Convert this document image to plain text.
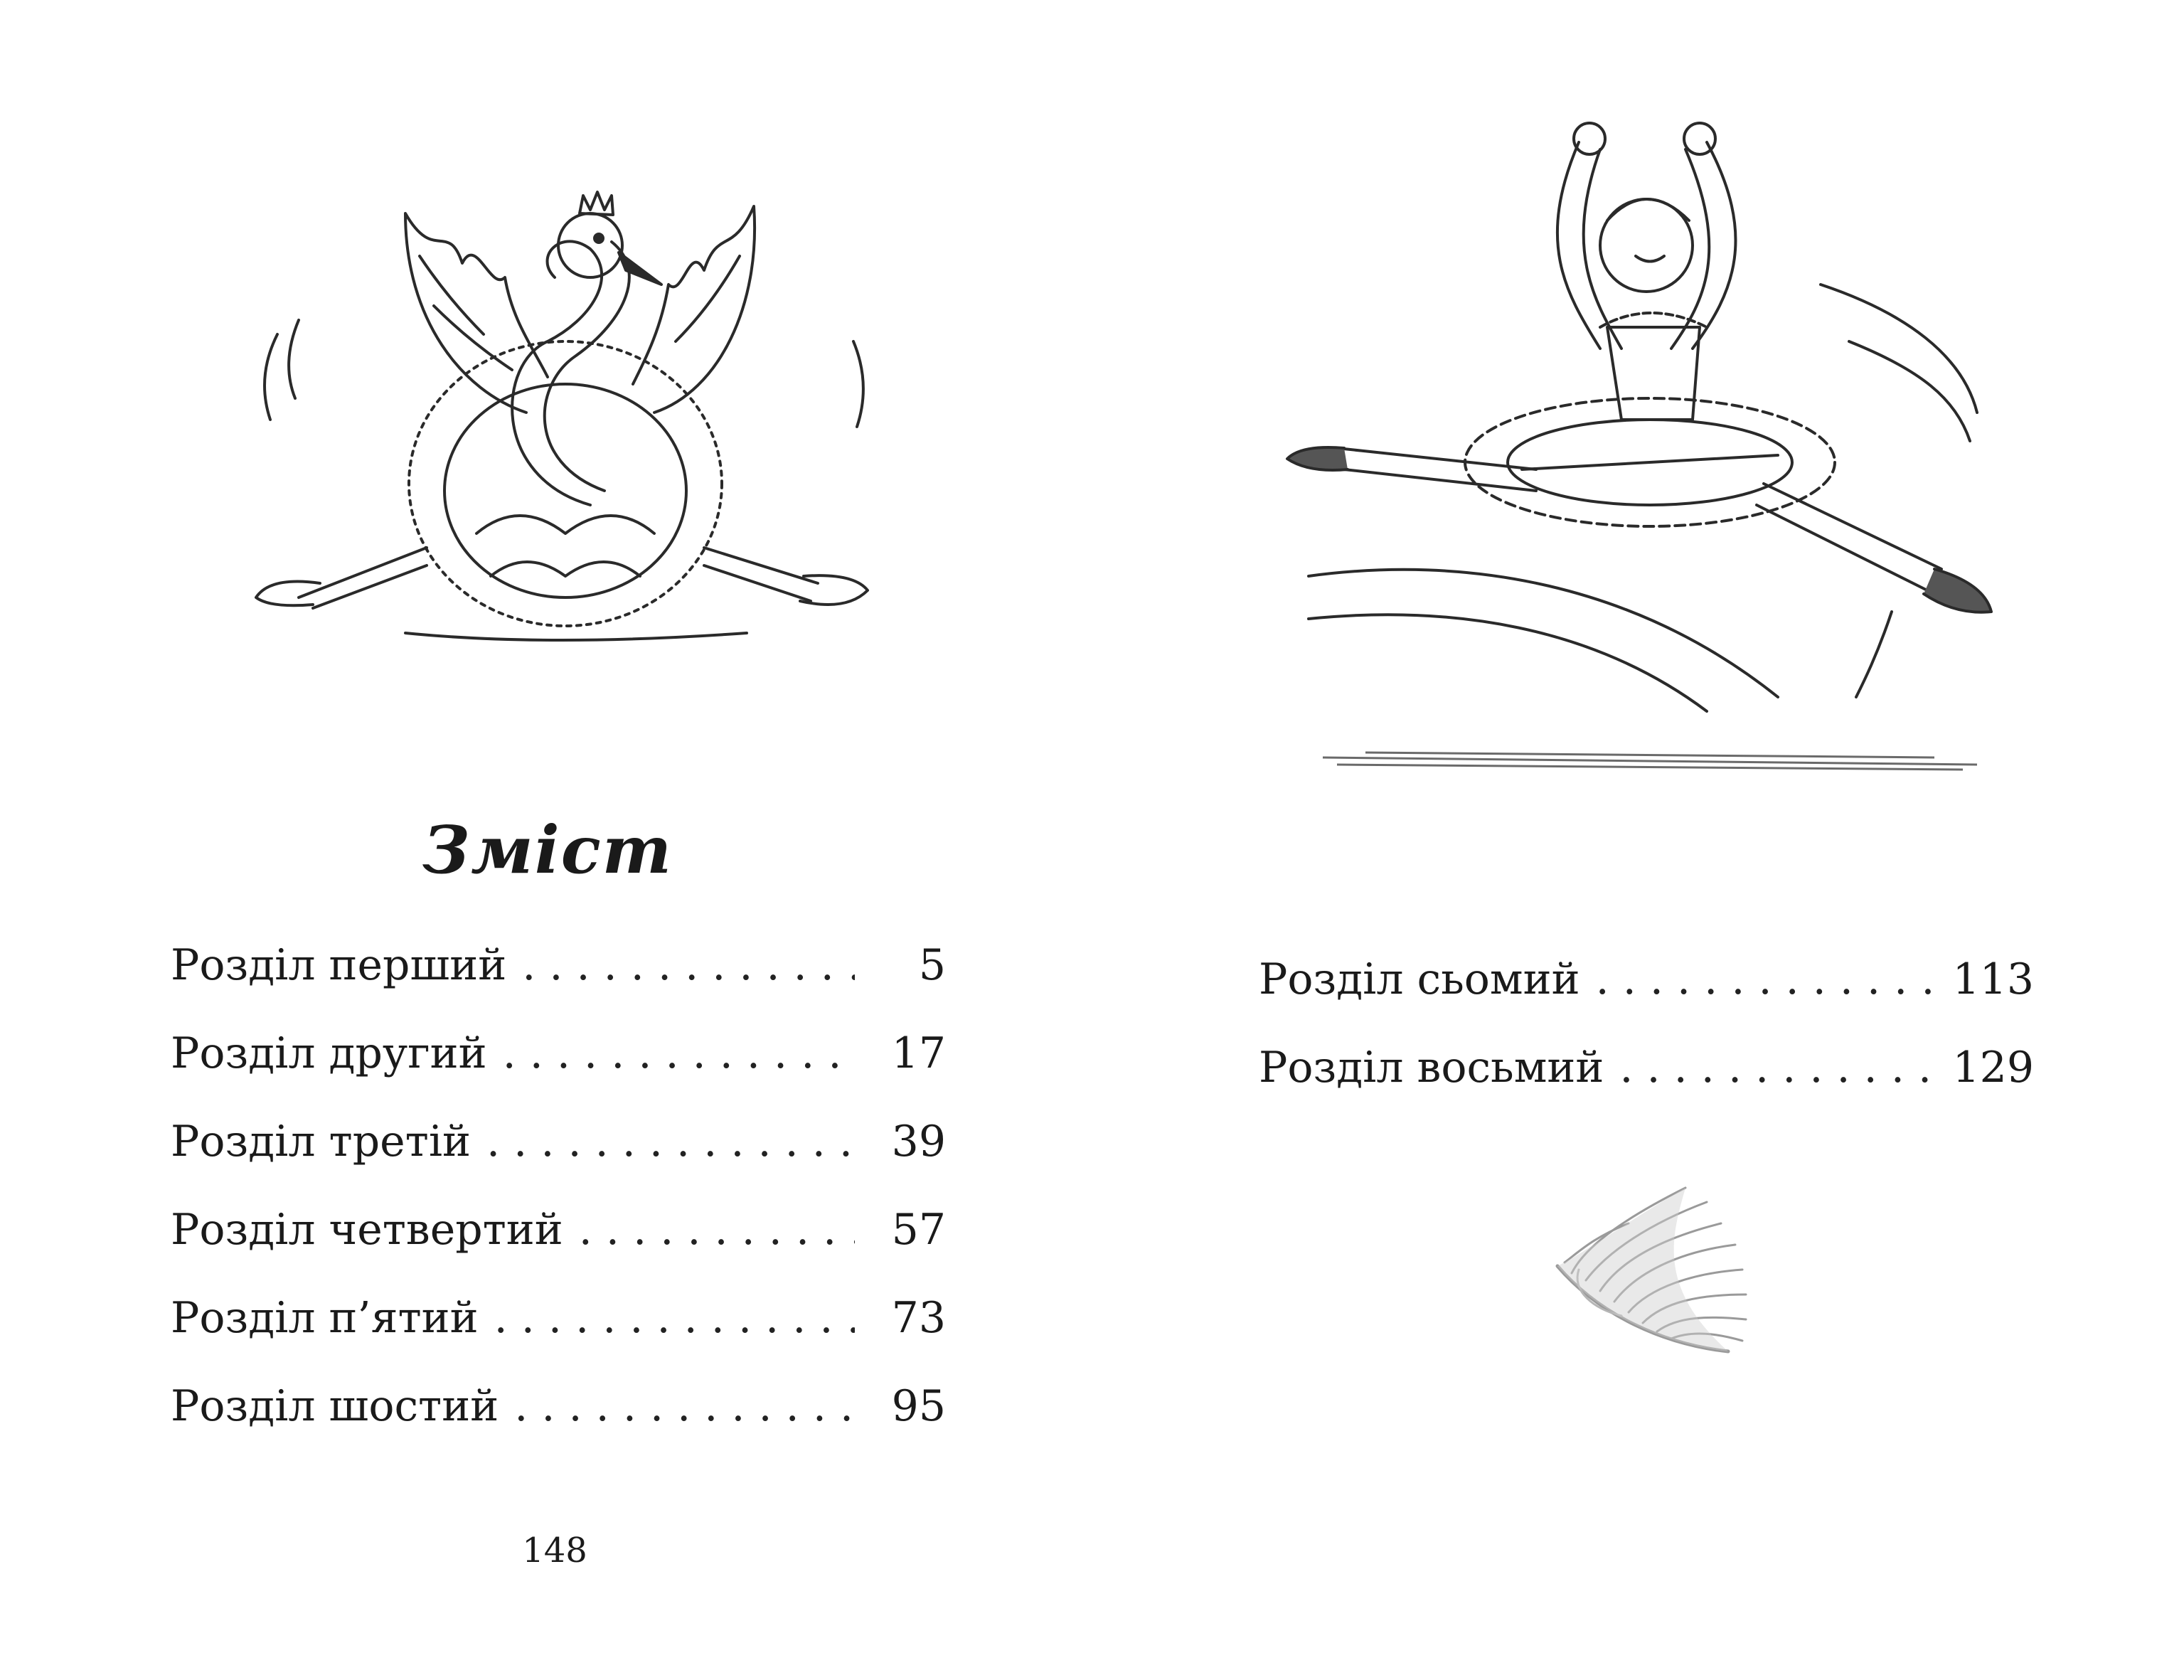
Зміст
Розділ перший . . .	5
Розділ другий . . .	17
Розділ третій . . .	39
Розділ четвертий . . .	57
Розділ п’ятий . . .	73
Розділ шостий . . .	95
Розділ сьомий . . .	113
Розділ восьмий . . .	129
148
